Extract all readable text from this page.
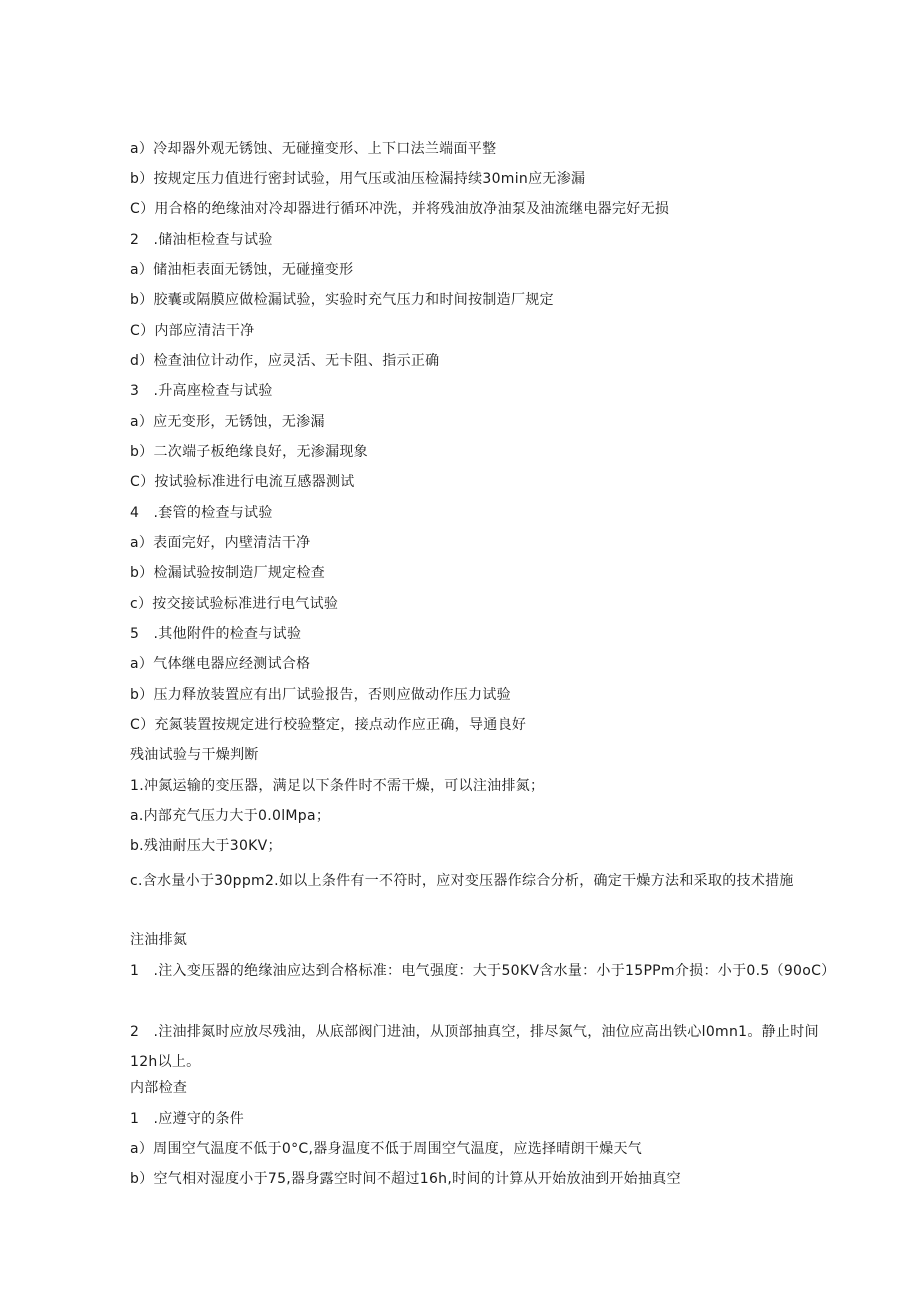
a）冷却器外观无锈蚀、无碰撞变形、上下口法兰端面平整
b）按规定压力值进行密封试验，用气压或油压检漏持续30min应无渗漏
C）用合格的绝缘油对冷却器进行循环冲洗，并将残油放净油泵及油流继电器完好无损
2　.储油柜检查与试验
a）储油柜表面无锈蚀，无碰撞变形
b）胶囊或隔膜应做检漏试验，实验时充气压力和时间按制造厂规定
C）内部应清洁干净
d）检查油位计动作，应灵活、无卡阻、指示正确
3　.升高座检查与试验
a）应无变形，无锈蚀，无渗漏
b）二次端子板绝缘良好，无渗漏现象
C）按试验标准进行电流互感器测试
4　.套管的检查与试验
a）表面完好，内壁清洁干净
b）检漏试验按制造厂规定检查
c）按交接试验标准进行电气试验
5　.其他附件的检查与试验
a）气体继电器应经测试合格
b）压力释放装置应有出厂试验报告，否则应做动作压力试验
C）充氮装置按规定进行校验整定，接点动作应正确，导通良好
残油试验与干燥判断
1.冲氮运输的变压器，满足以下条件时不需干燥，可以注油排氮；
a.内部充气压力大于0.0lMpa；
b.残油耐压大于30KV；
c.含水量小于30ppm2.如以上条件有一不符时，应对变压器作综合分析，确定干燥方法和采取的技术措施
注油排氮
1　.注入变压器的绝缘油应达到合格标准：电气强度：大于50KV含水量：小于15PPm介损：小于0.5（90oC）
2　.注油排氮时应放尽残油，从底部阀门进油，从顶部抽真空，排尽氮气，油位应高出铁心l0mn1。静止时间12h以上。
内部检查
1　.应遵守的条件
a）周围空气温度不低于0°C,器身温度不低于周围空气温度，应选择晴朗干燥天气
b）空气相对湿度小于75,器身露空时间不超过16h,时间的计算从开始放油到开始抽真空
